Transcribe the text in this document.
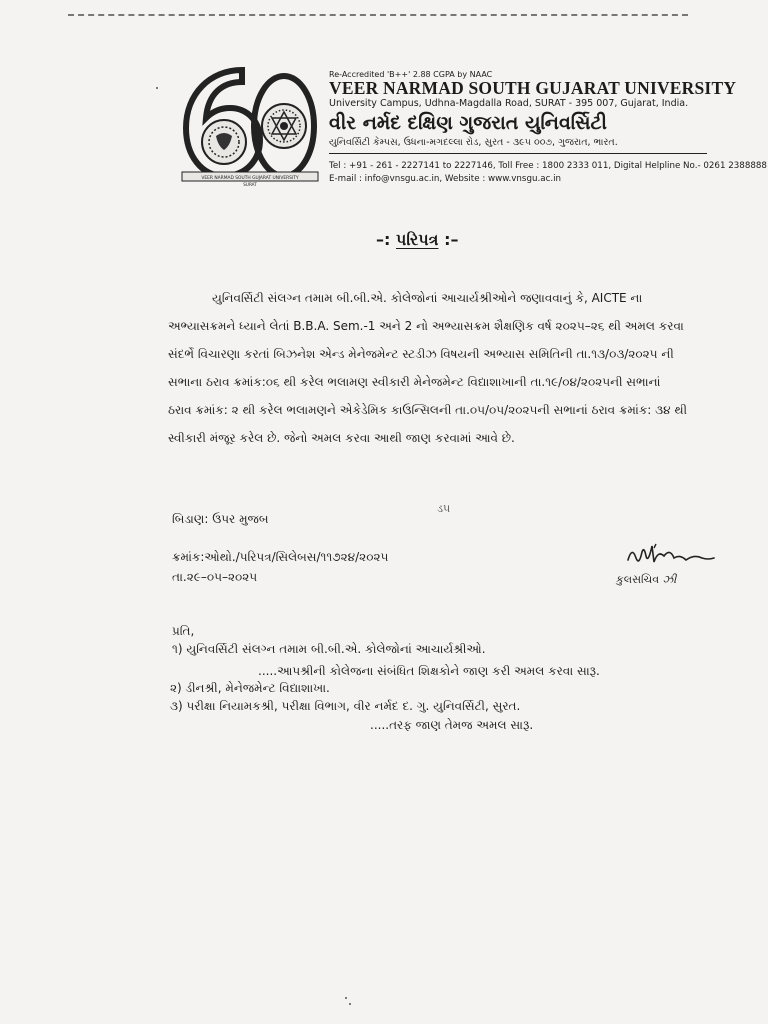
VEER NARMAD SOUTH GUJARAT UNIVERSITY
SURAT
Re-Accredited 'B++' 2.88 CGPA by NAAC
VEER NARMAD SOUTH GUJARAT UNIVERSITY
University Campus, Udhna-Magdalla Road, SURAT - 395 007, Gujarat, India.
વીર નર્મદ દક્ષિણ ગુજરાત યુનિવર્સિટી
યુનિવર્સિટી કેમ્પસ, ઉધના-મગદલ્લા રોડ, સુરત - ૩૯૫ ૦૦૭, ગુજરાત, ભારત.
Tel : +91 - 261 - 2227141 to 2227146, Toll Free : 1800 2333 011, Digital Helpline No.- 0261 2388888
E-mail : info@vnsgu.ac.in, Website : www.vnsgu.ac.in
–: પરિપત્ર :–
યુનિવર્સિટી સંલગ્ન તમામ બી.બી.એ. કોલેજોનાં આચાર્યશ્રીઓને જણાવવાનું કે, AICTE ના
અભ્યાસક્રમને ધ્યાને લેતાં B.B.A. Sem.-1 અને 2 નો અભ્યાસક્રમ શૈક્ષણિક વર્ષ ૨૦૨૫–૨૬ થી અમલ કરવા
સંદર્ભે વિચારણા કરતાં બિઝનેશ એન્ડ મેનેજમેન્ટ સ્ટડીઝ વિષયની અભ્યાસ સમિતિની તા.૧૩/૦૩/૨૦૨૫ ની
સભાના ઠરાવ ક્રમાંક:૦૬ થી કરેલ ભલામણ સ્વીકારી મેનેજમેન્ટ વિદ્યાશાખાની તા.૧૯/૦૪/૨૦૨૫ની સભાનાં
ઠરાવ ક્રમાંક: ૨ થી કરેલ ભલામણને એકેડેમિક કાઉન્સિલની તા.૦૫/૦૫/૨૦૨૫ની સભાનાં ઠરાવ ક્રમાંક: ૩૪ થી
સ્વીકારી મંજૂર કરેલ છે. જેનો અમલ કરવા આથી જાણ કરવામાં આવે છે.
ડ૫
બિડાણ: ઉપર મુજબ
ક્રમાંક:ઓથો./પરિપત્ર/સિલેબસ/૧૧૭૨૪/૨૦૨૫
તા.૨૯–૦૫–૨૦૨૫	કુલસચિવ ઝી
પ્રતિ,
૧) યુનિવર્સિટી સંલગ્ન તમામ બી.બી.એ. કોલેજોનાં આચાર્યશ્રીઓ.
.....આપશ્રીની કોલેજના સંબંધિત શિક્ષકોને જાણ કરી અમલ કરવા સારૂ.
૨) ડીનશ્રી, મેનેજમેન્ટ વિદ્યાશાખા.
૩) પરીક્ષા નિયામકશ્રી, પરીક્ષા વિભાગ, વીર નર્મદ દ. ગુ. યુનિવર્સિટી, સુરત.
.....તરફ જાણ તેમજ અમલ સારૂ.
